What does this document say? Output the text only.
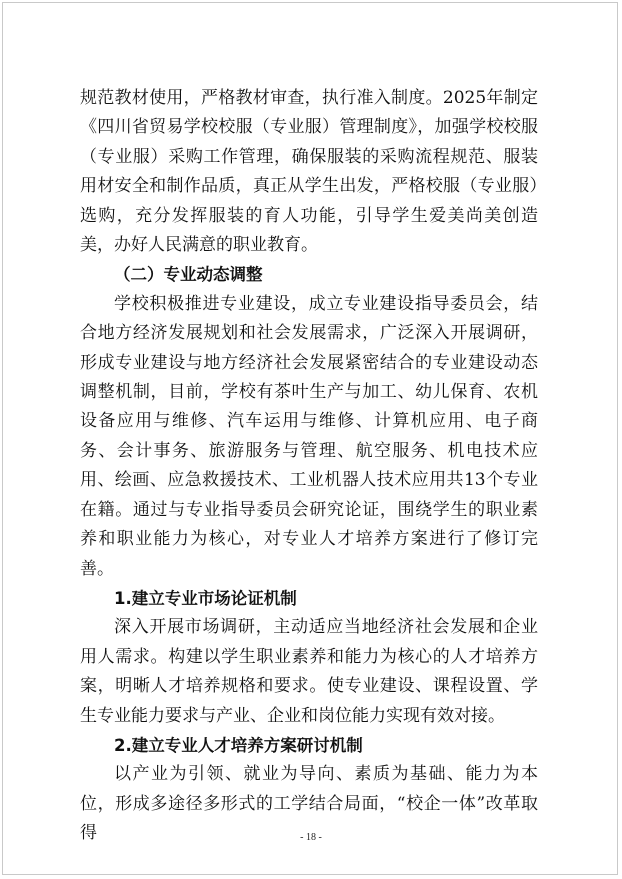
规范教材使用，严格教材审查，执行准入制度。2025年制定《四川省贸易学校校服（专业服）管理制度》，加强学校校服（专业服）采购工作管理，确保服装的采购流程规范、服装用材安全和制作品质，真正从学生出发，严格校服（专业服）选购，充分发挥服装的育人功能，引导学生爱美尚美创造美，办好人民满意的职业教育。

（二）专业动态调整

学校积极推进专业建设，成立专业建设指导委员会，结合地方经济发展规划和社会发展需求，广泛深入开展调研，形成专业建设与地方经济社会发展紧密结合的专业建设动态调整机制，目前，学校有茶叶生产与加工、幼儿保育、农机设备应用与维修、汽车运用与维修、计算机应用、电子商务、会计事务、旅游服务与管理、航空服务、机电技术应用、绘画、应急救援技术、工业机器人技术应用共13个专业在籍。通过与专业指导委员会研究论证，围绕学生的职业素养和职业能力为核心，对专业人才培养方案进行了修订完善。

1.建立专业市场论证机制

深入开展市场调研，主动适应当地经济社会发展和企业用人需求。构建以学生职业素养和能力为核心的人才培养方案，明晰人才培养规格和要求。使专业建设、课程设置、学生专业能力要求与产业、企业和岗位能力实现有效对接。

2.建立专业人才培养方案研讨机制

以产业为引领、就业为导向、素质为基础、能力为本位，形成多途径多形式的工学结合局面，“校企一体”改革取得	- 18 -
